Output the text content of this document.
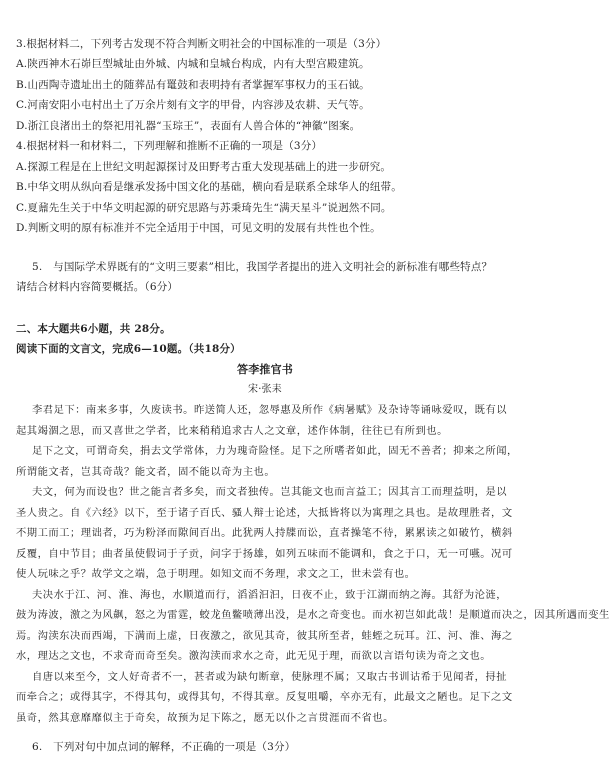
3.根据材料二，下列考古发现不符合判断文明社会的中国标准的一项是（3分）
A.陕西神木石峁巨型城址由外城、内城和皇城台构成，内有大型宫殿建筑。
B.山西陶寺遗址出土的随葬品有鼍鼓和表明持有者掌握军事权力的玉石钺。
C.河南安阳小屯村出土了万余片刻有文字的甲骨，内容涉及农耕、天气等。
D.浙江良渚出土的祭祀用礼器“玉琮王”，表面有人兽合体的“神徽”图案。
4.根据材料一和材料二，下列理解和推断不正确的一项是（3分）
A.探源工程是在上世纪文明起源探讨及田野考古重大发现基础上的进一步研究。
B.中华文明从纵向看是继承发扬中国文化的基础，横向看是联系全球华人的纽带。
C.夏鼐先生关于中华文明起源的研究思路与苏秉琦先生“满天星斗”说迥然不同。
D.判断文明的原有标准并不完全适用于中国，可见文明的发展有共性也个性。
5.　与国际学术界既有的“文明三要素”相比，我国学者提出的进入文明社会的新标准有哪些特点？
请结合材料内容简要概括。（6分）
二、本大题共6小题，共 28分。
阅读下面的文言文，完成6—10题。（共18分）
答李推官书
宋·张耒
李君足下：南来多事，久废读书。昨送简人还，忽辱惠及所作《病暑赋》及杂诗等诵咏爱叹，既有以
起其竭涸之思，而又喜世之学者，比来稍稍追求古人之文章，述作体制，往往已有所到也。
足下之文，可谓奇矣，捐去文学常体，力为瑰奇险怪。足下之所嗜者如此，固无不善者；抑来之所闻，
所谓能文者，岂其奇哉？能文者，固不能以奇为主也。
夫文，何为而设也？世之能言者多矣，而文者独传。岂其能文也而言益工；因其言工而理益明，是以
圣人贵之。自《六经》以下，至于诸子百氏、骚人辩士论述，大抵皆将以为寓理之具也。是故理胜者，文
不期工而工；理诎者，巧为粉泽而隙间百出。此犹两人持牒而讼，直者操笔不待，累累读之如破竹，横斜
反覆，自中节目；曲者虽使假词于子贡，问字于扬雄，如列五味而不能调和，食之于口，无一可嚥。况可
使人玩味之乎？故学文之端，急于明理。如知文而不务理，求文之工，世未尝有也。
夫决水于江、河、淮、海也，水顺道而行，滔滔汩汩，日夜不止，致于江湖而纳之海。其舒为沦涟，
鼓为涛波，激之为风飙，怒之为雷霆，蛟龙鱼鳖喷薄出没，是水之奇变也。而水初岂如此哉！是顺道而决之，因其所遇而变生
焉。沟渎东决而西竭，下满而上虚，日夜激之，欲见其奇，彼其所至者，蛙蛭之玩耳。江、河、淮、海之
水，理达之文也，不求奇而奇至矣。激沟渎而求水之奇，此无见于理，而欲以言语句读为奇之文也。
自唐以来至今，文人好奇者不一，甚者或为缺句断章，使脉理不属；又取古书训诂希于见闻者，挦扯
而牵合之；或得其字，不得其句，或得其句，不得其章。反复咀嚼，卒亦无有，此最文之陋也。足下之文
虽奇，然其意靡靡似主于奇矣，故预为足下陈之，愿无以仆之言贯涯而不省也。
6.　下列对句中加点词的解释，不正确的一项是（3分）
